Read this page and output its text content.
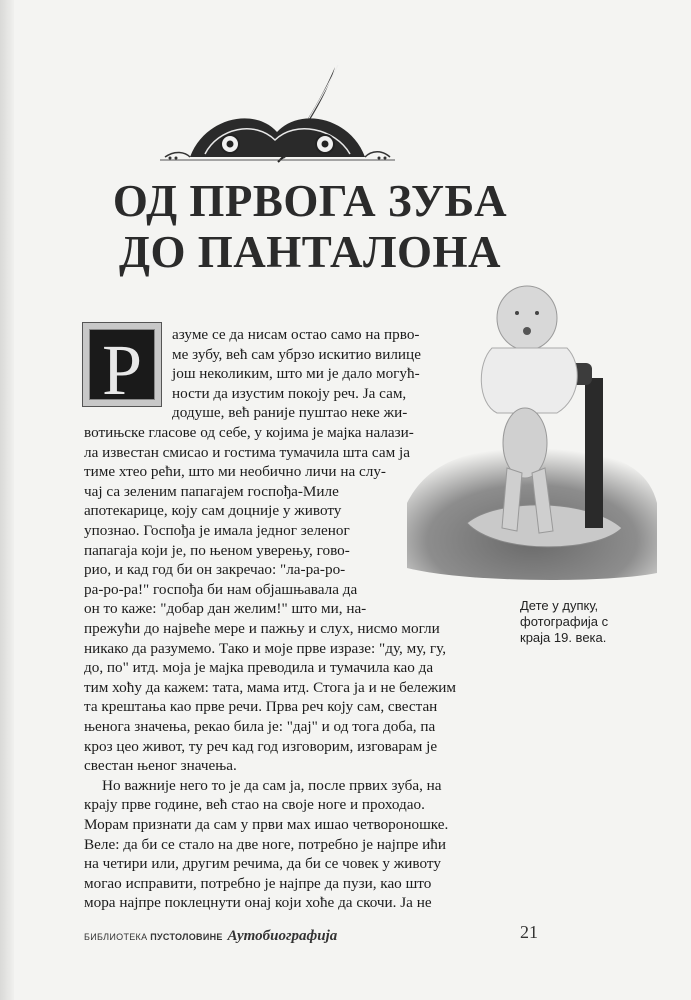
ОД ПРВОГА ЗУБА
ДО ПАНТАЛОНА
Дете у дупку,
фотографија с
краја 19. века.
Р	азуме се да нисам остао само на прво-
ме зубу, већ сам убрзо искитио вилице
још неколиким, што ми је дало могућ-
ности да изустим покоју реч. Ја сам,
додуше, већ раније пуштао неке жи-
вотињске гласове од себе, у којима је мајка налази-
ла известан смисао и гостима тумачила шта сам ја
тиме хтео рећи, што ми необично личи на слу-
чај са зеленим папагајем госпођа-Миле
апотекарице, коју сам доцније у животу
упознао. Госпођа је имала једног зеленог
папагаја који је, по њеном уверењу, гово-
рио, и кад год би он закречао: "ла-ра-ро-
ра-ро-ра!" госпођа би нам објашњавала да
он то каже: "добар дан желим!" што ми, на-
прежући до највеће мере и пажњу и слух, нисмо могли
никако да разумемо. Тако и моје прве изразе: "ду, му, гу,
до, по" итд. моја је мајка преводила и тумачила као да
тим хоћу да кажем: тата, мама итд. Стога ја и не бележим
та крештања као прве речи. Прва реч коју сам, свестан
њенога значења, рекао била је: "дај" и од тога доба, па
кроз цео живот, ту реч кад год изговорим, изговарам је
свестан њеног значења.
Но важније него то је да сам ја, после првих зуба, на
крају прве године, већ стао на своје ноге и проходао.
Морам признати да сам у први мах ишао четвороношке.
Веле: да би се стало на две ноге, потребно је најпре ићи
на четири или, другим речима, да би се човек у животу
могао исправити, потребно је најпре да пузи, као што
мора најпре поклецнути онај који хоће да скочи. Ја не
БИБЛИОТЕКА ПУСТОЛОВИНЕ Аутобиографија	21
